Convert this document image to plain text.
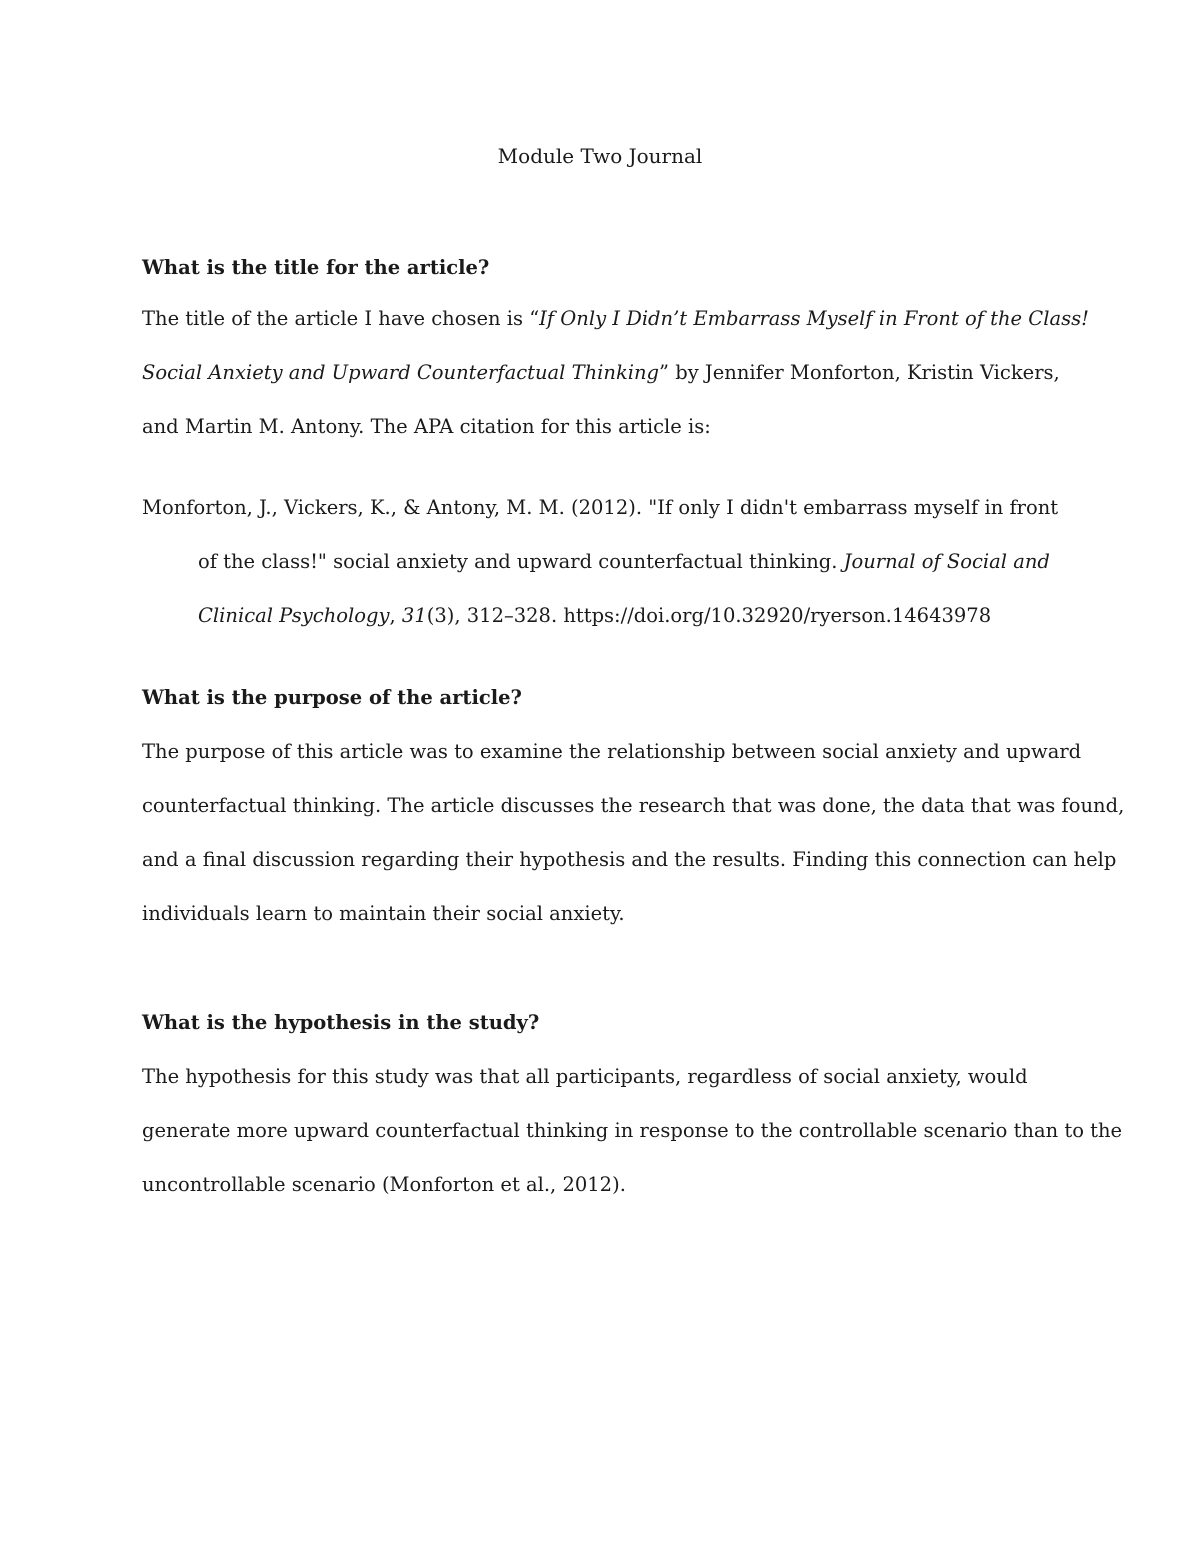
Module Two Journal
What is the title for the article?

The title of the article I have chosen is “If Only I Didn’t Embarrass Myself in Front of the Class!
Social Anxiety and Upward Counterfactual Thinking” by Jennifer Monforton, Kristin Vickers,
and Martin M. Antony. The APA citation for this article is:

Monforton, J., Vickers, K., & Antony, M. M. (2012). "If only I didn't embarrass myself in front
of the class!" social anxiety and upward counterfactual thinking. Journal of Social and
Clinical Psychology, 31(3), 312–328. https://doi.org/10.32920/ryerson.14643978

What is the purpose of the article?

The purpose of this article was to examine the relationship between social anxiety and upward
counterfactual thinking. The article discusses the research that was done, the data that was found,
and a final discussion regarding their hypothesis and the results. Finding this connection can help
individuals learn to maintain their social anxiety.

What is the hypothesis in the study?

The hypothesis for this study was that all participants, regardless of social anxiety, would
generate more upward counterfactual thinking in response to the controllable scenario than to the
uncontrollable scenario (Monforton et al., 2012).
